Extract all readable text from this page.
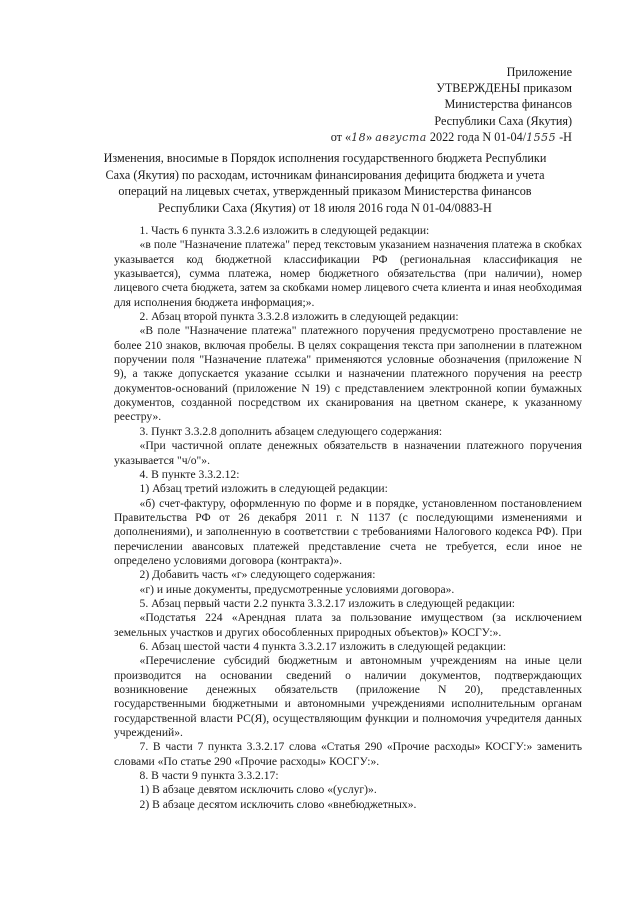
Приложение
УТВЕРЖДЕНЫ приказом
Министерства финансов
Республики Саха (Якутия)
от «18» августа 2022 года N 01-04/1555 -Н
Изменения, вносимые в Порядок исполнения государственного бюджета Республики Саха (Якутия) по расходам, источникам финансирования дефицита бюджета и учета операций на лицевых счетах, утвержденный приказом Министерства финансов Республики Саха (Якутия) от 18 июля 2016 года N 01-04/0883-Н

1. Часть 6 пункта 3.3.2.6 изложить в следующей редакции:

«в поле "Назначение платежа" перед текстовым указанием назначения платежа в скобках указывается код бюджетной классификации РФ (региональная классификация не указывается), сумма платежа, номер бюджетного обязательства (при наличии), номер лицевого счета бюджета, затем за скобками номер лицевого счета клиента и иная необходимая для исполнения бюджета информация;».

2. Абзац второй пункта 3.3.2.8 изложить в следующей редакции:

«В поле "Назначение платежа" платежного поручения предусмотрено проставление не более 210 знаков, включая пробелы. В целях сокращения текста при заполнении в платежном поручении поля "Назначение платежа" применяются условные обозначения (приложение N 9), а также допускается указание ссылки и назначении платежного поручения на реестр документов-оснований (приложение N 19) с представлением электронной копии бумажных документов, созданной посредством их сканирования на цветном сканере, к указанному реестру».

3. Пункт 3.3.2.8 дополнить абзацем следующего содержания:

«При частичной оплате денежных обязательств в назначении платежного поручения указывается "ч/о"».

4. В пункте 3.3.2.12:

1) Абзац третий изложить в следующей редакции:

«б) счет-фактуру, оформленную по форме и в порядке, установленном постановлением Правительства РФ от 26 декабря 2011 г. N 1137 (с последующими изменениями и дополнениями), и заполненную в соответствии с требованиями Налогового кодекса РФ). При перечислении авансовых платежей представление счета не требуется, если иное не определено условиями договора (контракта)».

2) Добавить часть «г» следующего содержания:

«г) и иные документы, предусмотренные условиями договора».

5. Абзац первый части 2.2 пункта 3.3.2.17 изложить в следующей редакции:

«Подстатья 224 «Арендная плата за пользование имуществом (за исключением земельных участков и других обособленных природных объектов)» КОСГУ:».

6. Абзац шестой части 4 пункта 3.3.2.17 изложить в следующей редакции:

«Перечисление субсидий бюджетным и автономным учреждениям на иные цели производится на основании сведений о наличии документов, подтверждающих возникновение денежных обязательств (приложение N 20), представленных государственными бюджетными и автономными учреждениями исполнительным органам государственной власти РС(Я), осуществляющим функции и полномочия учредителя данных учреждений».

7. В части 7 пункта 3.3.2.17 слова «Статья 290 «Прочие расходы» КОСГУ:» заменить словами «По статье 290 «Прочие расходы» КОСГУ:».

8. В части 9 пункта 3.3.2.17:

1) В абзаце девятом исключить слово «(услуг)».

2) В абзаце десятом исключить слово «внебюджетных».
